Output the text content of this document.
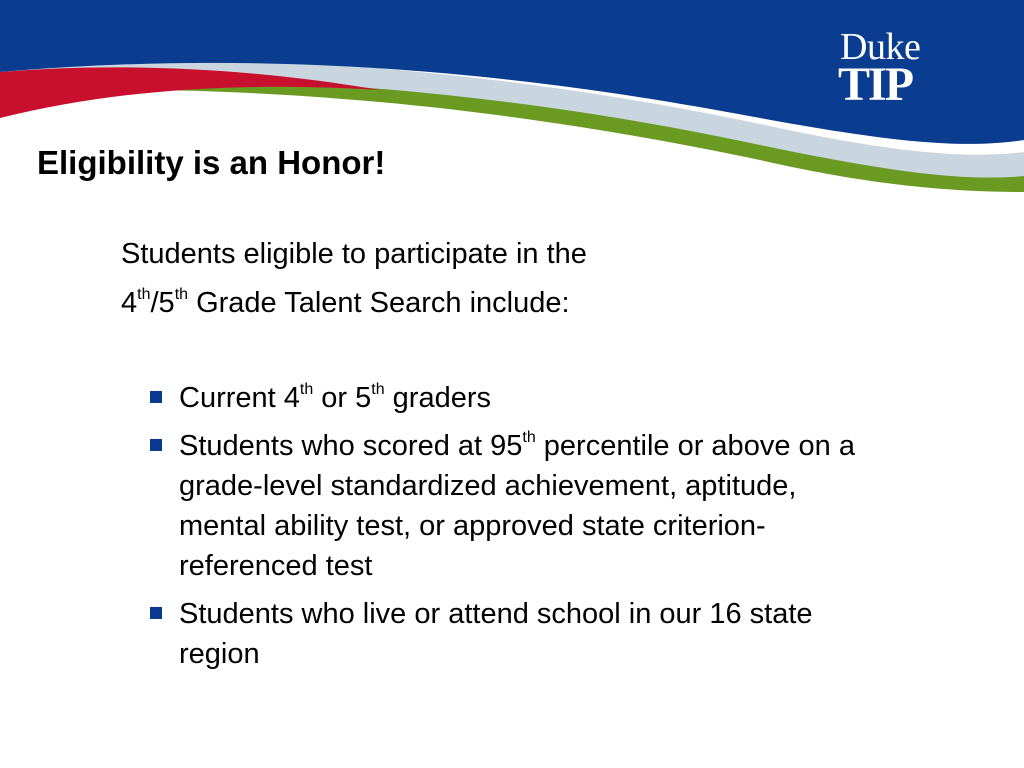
Duke
TIP
Eligibility is an Honor!
Students eligible to participate in the
4th/5th Grade Talent Search include:
Current 4th or 5th graders
Students who scored at 95th percentile or above on a grade-level standardized achievement, aptitude, mental ability test, or approved state criterion-referenced test
Students who live or attend school in our 16 state region
